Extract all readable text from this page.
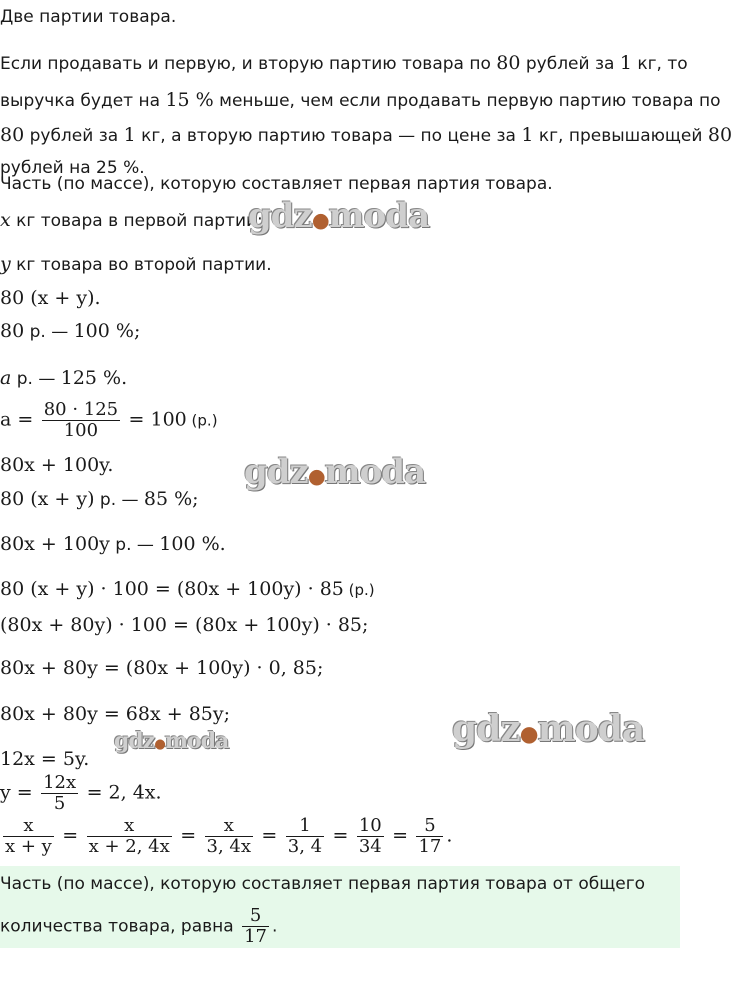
Две партии товара.
Если продавать и первую, и вторую партию товара по 80 рублей за 1 кг, то
выручка будет на 15 % меньше, чем если продавать первую партию товара по
80 рублей за 1 кг, а вторую партию товара — по цене за 1 кг, превышающей 80
рублей на 25 %.
Часть (по массе), которую составляет первая партия товара.
x кг товара в первой партии;
y кг товара во второй партии.
80 (x + y).
80 р. — 100 %;
a р. — 125 %.
$a = \frac{80 \cdot 125}{100} = 100$ (р.)
80x + 100y.
80 (x + y) р. — 85 %;
80x + 100y р. — 100 %.
80 (x + y) · 100 = (80x + 100y) · 85 (р.)
(80x + 80y) · 100 = (80x + 100y) · 85;
80x + 80y = (80x + 100y) · 0, 85;
80x + 80y = 68x + 85y;
12x = 5y.
$y = \frac{12x}{5} = 2$, 4x.
$\frac{x}{x + y} = \frac{x}{x + 2, 4x} = \frac{x}{3, 4x} = \frac{1}{3, 4} = \frac{10}{34} = \frac{5}{17}$ .
Часть (по массе), которую составляет первая партия товара от общего
количества товара, равна $\frac{5}{17}$ .
gdz●moda
gdz●moda
gdz●moda
gdz●moda
